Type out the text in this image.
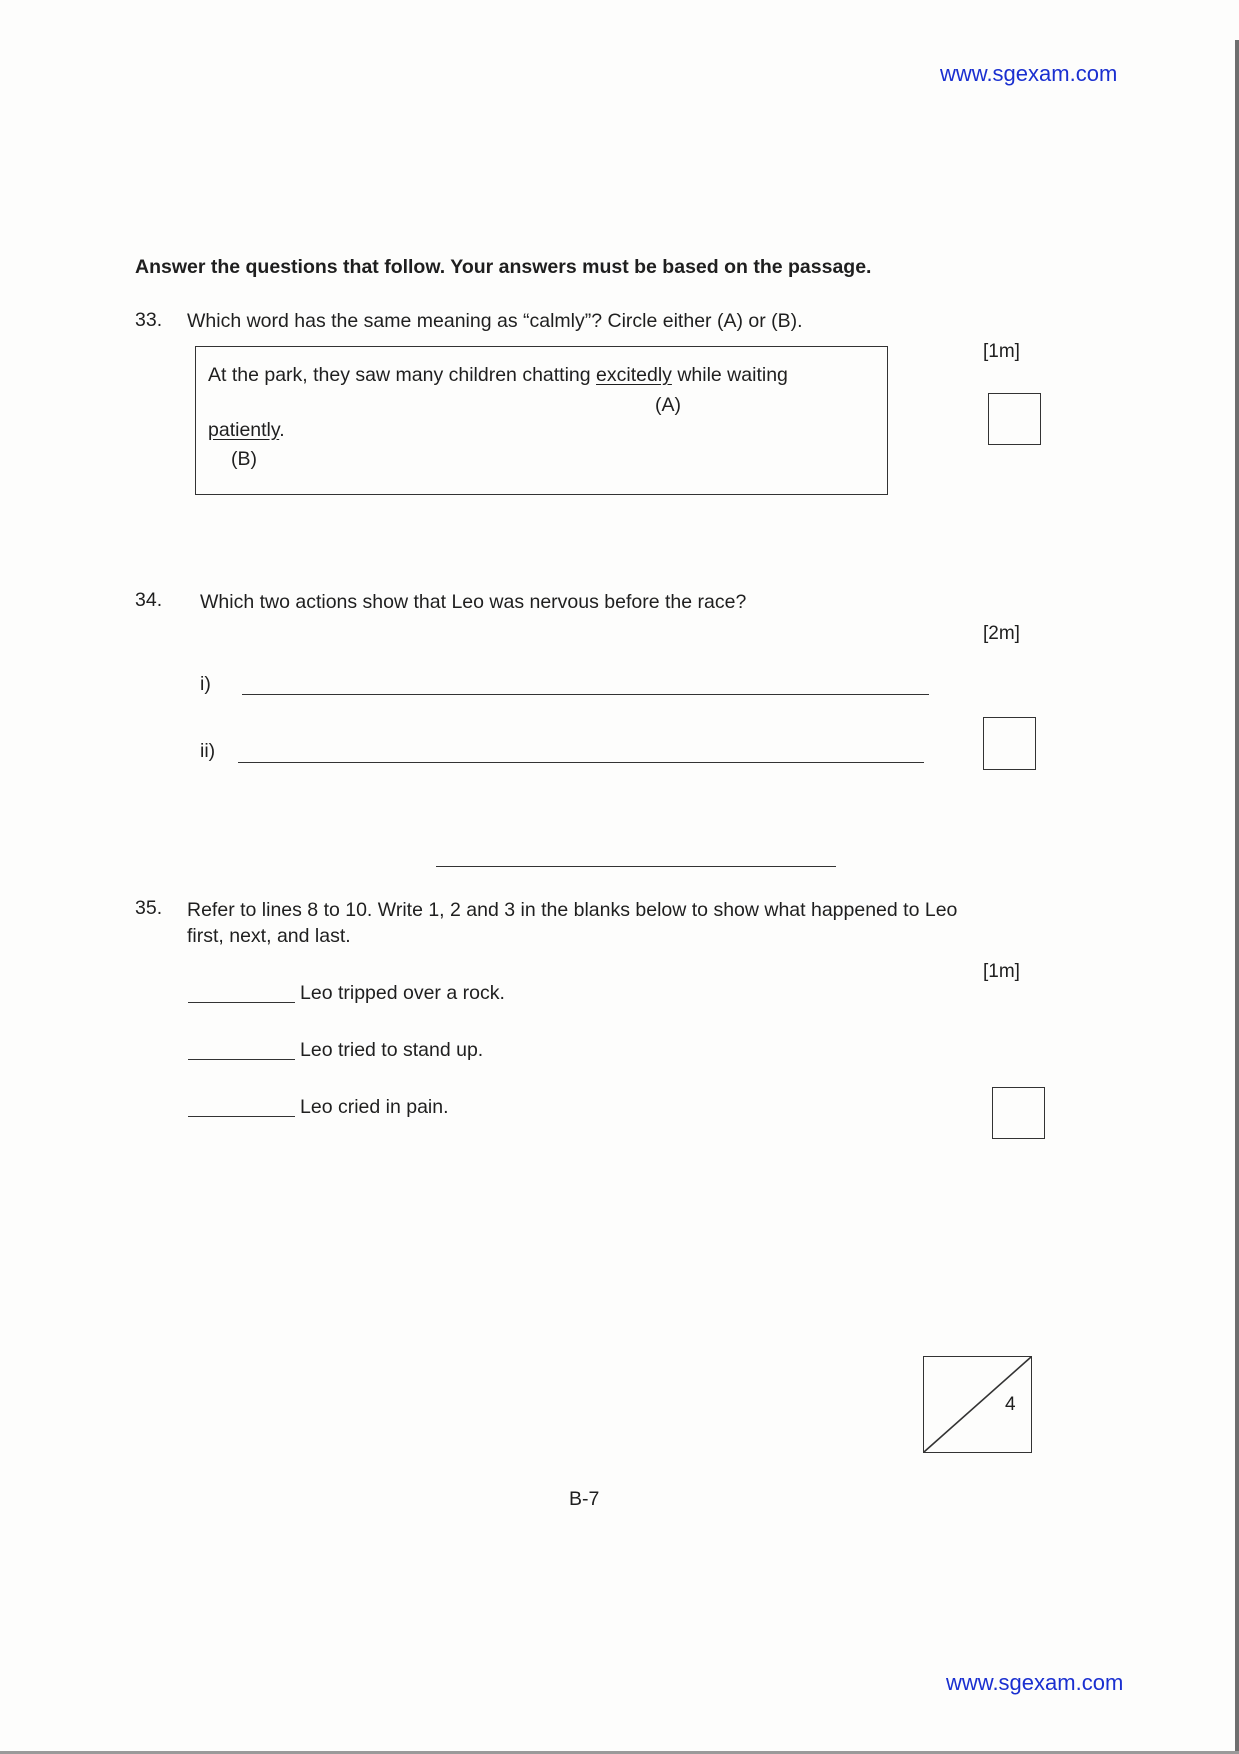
www.sgexam.com
Answer the questions that follow. Your answers must be based on the passage.
33. Which word has the same meaning as “calmly”? Circle either (A) or (B).
[1m]
At the park, they saw many children chatting excitedly while waiting
(A)
patiently.
(B)
34. Which two actions show that Leo was nervous before the race?
[2m]
i)
ii)
35. Refer to lines 8 to 10. Write 1, 2 and 3 in the blanks below to show what happened to Leo
first, next, and last.
[1m]
Leo tripped over a rock.
Leo tried to stand up.
Leo cried in pain.
4
B-7
www.sgexam.com
